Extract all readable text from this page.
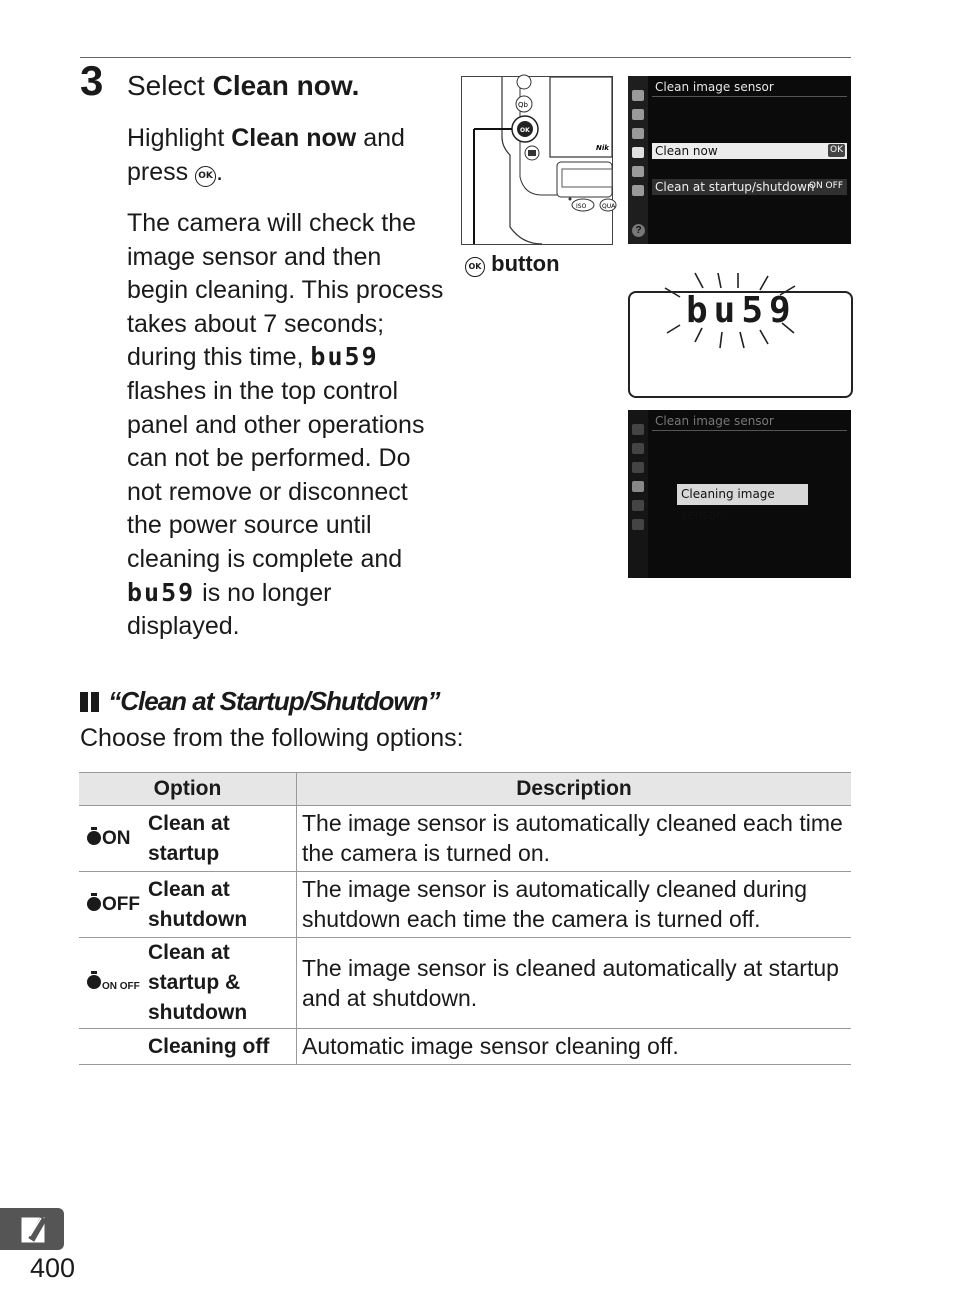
3 Select Clean now.
Highlight Clean now and press OK .
The camera will check the image sensor and then begin cleaning. This process takes about 7 seconds; during this time, bu59 flashes in the top control panel and other operations can not be performed. Do not remove or disconnect the power source until cleaning is complete and bu59 is no longer displayed.
Qb
OK
Nik
ISO	QUA
OK button
?
Clean image sensor
Clean now	OK
Clean at startup/shutdown
ON OFF
bu59
Clean image sensor
Cleaning image sensor.
“Clean at Startup/Shutdown”
Choose from the following options:
Option		Description
ON	Clean at startup	The image sensor is automatically cleaned each time the camera is turned on.
OFF	Clean at shutdown	The image sensor is automatically cleaned during shutdown each time the camera is turned off.
ON OFF	Clean at startup & shutdown	The image sensor is cleaned automatically at startup and at shutdown.
	Cleaning off	Automatic image sensor cleaning off.
400
